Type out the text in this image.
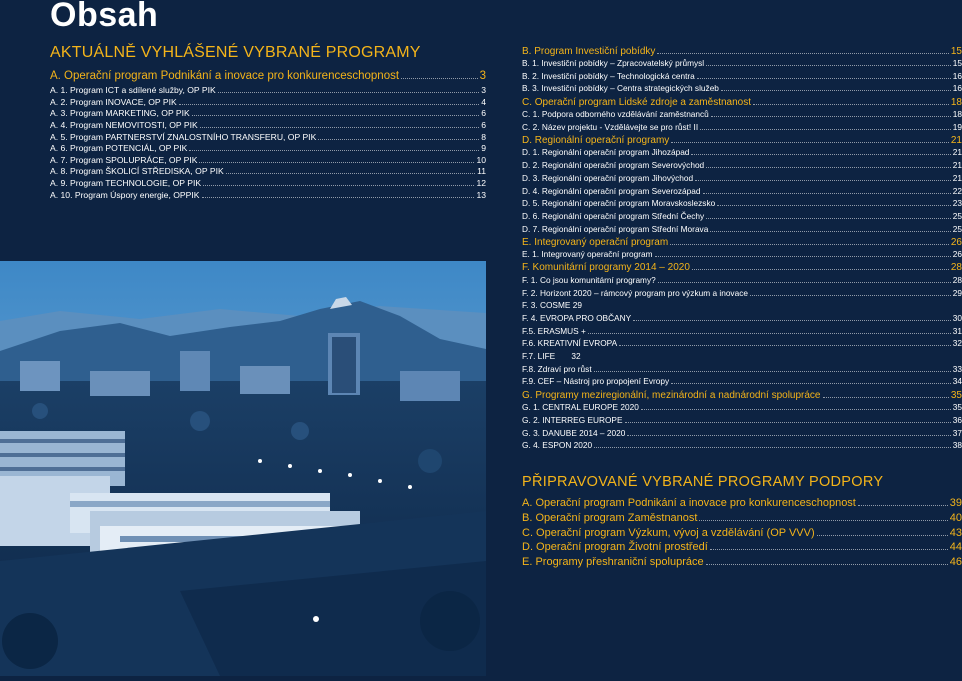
Obsah
AKTUÁLNĚ VYHLÁŠENÉ VYBRANÉ PROGRAMY
A. Operační program Podnikání a inovace pro konkurenceschopnost	3
A. 1. Program ICT a sdílené služby, OP PIK	3
A. 2. Program INOVACE, OP PIK	4
A. 3. Program MARKETING, OP PIK	6
A. 4. Program NEMOVITOSTI, OP PIK	6
A. 5. Program PARTNERSTVÍ ZNALOSTNÍHO TRANSFERU, OP PIK	8
A. 6. Program POTENCIÁL, OP PIK	9
A. 7. Program SPOLUPRÁCE, OP PIK	10
A. 8. Program ŠKOLICÍ STŘEDISKA, OP PIK	11
A. 9. Program TECHNOLOGIE, OP PIK	12
A. 10. Program Úspory energie, OPPIK	13
B. Program Investiční pobídky	15
B. 1. Investiční pobídky – Zpracovatelský průmysl	15
B. 2. Investiční pobídky – Technologická centra	16
B. 3. Investiční pobídky – Centra strategických služeb	16
C. Operační program Lidské zdroje a zaměstnanost	18
C. 1. Podpora odborného vzdělávání zaměstnanců	18
C. 2. Název projektu - Vzdělávejte se pro růst! II	19
D. Regionální operační programy	21
D. 1. Regionální operační program Jihozápad	21
D. 2. Regionální operační program Severovýchod	21
D. 3. Regionální operační program Jihovýchod	21
D. 4. Regionální operační program Severozápad	22
D. 5. Regionální operační program Moravskoslezsko	23
D. 6. Regionální operační program Střední Čechy	25
D. 7. Regionální operační program Střední Morava	25
E. Integrovaný operační program	26
E. 1. Integrovaný operační program	26
F. Komunitární programy 2014 – 2020	28
F. 1. Co jsou komunitární programy?	28
F. 2. Horizont 2020 – rámcový program pro výzkum a inovace	29
F. 3. COSME 29
F. 4. EVROPA PRO OBČANY	30
F.5. ERASMUS +	31
F.6. KREATIVNÍ EVROPA	32
F.7. LIFE       32
F.8. Zdraví pro růst	33
F.9. CEF – Nástroj pro propojení Evropy	34
G. Programy meziregionální, mezinárodní a nadnárodní spolupráce	35
G. 1. CENTRAL EUROPE 2020	35
G. 2. INTERREG EUROPE	36
G. 3. DANUBE 2014 – 2020	37
G. 4. ESPON 2020	38
PŘIPRAVOVANÉ VYBRANÉ PROGRAMY PODPORY
A. Operační program Podnikání a inovace pro konkurenceschopnost	39
B. Operační program Zaměstnanost	40
C. Operační program Výzkum, vývoj a vzdělávání (OP VVV)	43
D. Operační program Životní prostředí	44
E. Programy přeshraniční spolupráce	46
